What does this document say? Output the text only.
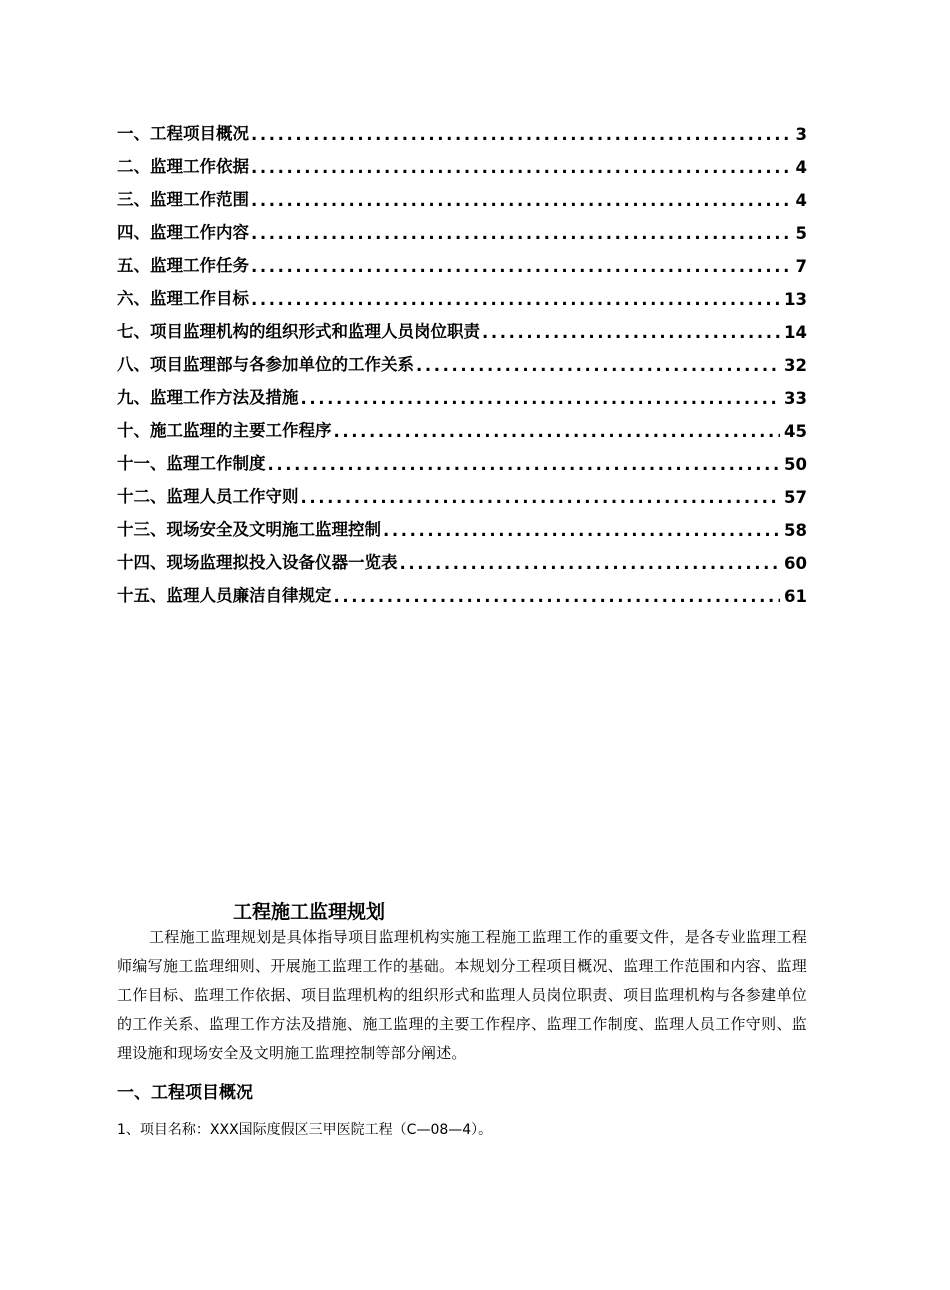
一、工程项目概况 .....	3
二、监理工作依据 .....	4
三、监理工作范围 .....	4
四、监理工作内容 .....	5
五、监理工作任务 .....	7
六、监理工作目标 .....	13
七、项目监理机构的组织形式和监理人员岗位职责 .....	14
八、项目监理部与各参加单位的工作关系 .....	32
九、监理工作方法及措施 .....	33
十、施工监理的主要工作程序 .....	45
十一、监理工作制度 .....	50
十二、监理人员工作守则 .....	57
十三、现场安全及文明施工监理控制 .....	58
十四、现场监理拟投入设备仪器一览表 .....	60
十五、监理人员廉洁自律规定 .....	61
工程施工监理规划

工程施工监理规划是具体指导项目监理机构实施工程施工监理工作的重要文件，是各专业监理工程师编写施工监理细则、开展施工监理工作的基础。本规划分工程项目概况、监理工作范围和内容、监理工作目标、监理工作依据、项目监理机构的组织形式和监理人员岗位职责、项目监理机构与各参建单位的工作关系、监理工作方法及措施、施工监理的主要工作程序、监理工作制度、监理人员工作守则、监理设施和现场安全及文明施工监理控制等部分阐述。

一、工程项目概况
1、项目名称：XXX国际度假区三甲医院工程（C—08—4）。
